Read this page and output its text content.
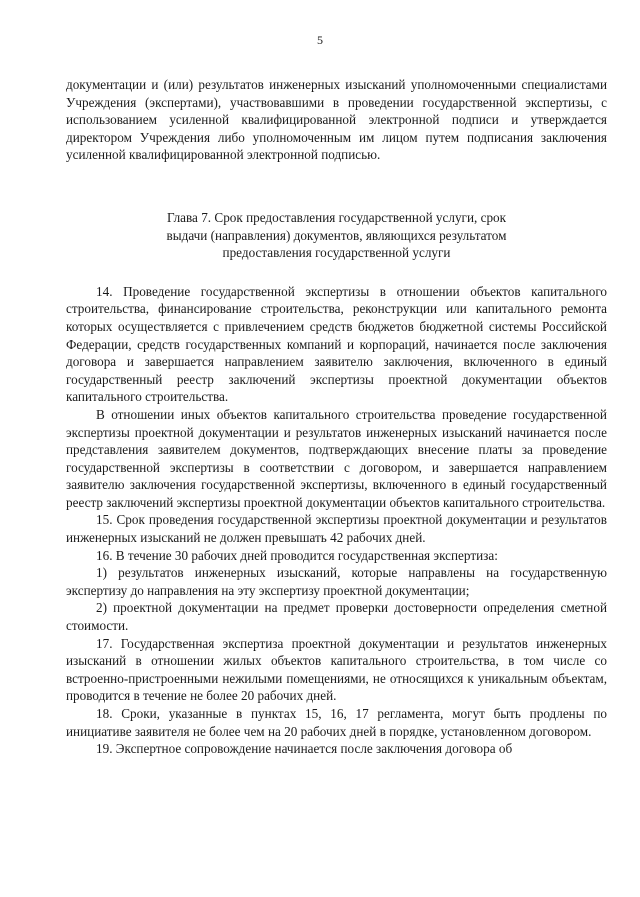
5

документации и (или) результатов инженерных изысканий уполномоченными специалистами Учреждения (экспертами), участвовавшими в проведении государственной экспертизы, с использованием усиленной квалифицированной электронной подписи и утверждается директором Учреждения либо уполномоченным им лицом путем подписания заключения усиленной квалифицированной электронной подписью.

Глава 7. Срок предоставления государственной услуги, срок
выдачи (направления) документов, являющихся результатом
предоставления государственной услуги

14. Проведение государственной экспертизы в отношении объектов капитального строительства, финансирование строительства, реконструкции или капитального ремонта которых осуществляется с привлечением средств бюджетов бюджетной системы Российской Федерации, средств государственных компаний и корпораций, начинается после заключения договора и завершается направлением заявителю заключения, включенного в единый государственный реестр заключений экспертизы проектной документации объектов капитального строительства.

В отношении иных объектов капитального строительства проведение государственной экспертизы проектной документации и результатов инженерных изысканий начинается после представления заявителем документов, подтверждающих внесение платы за проведение государственной экспертизы в соответствии с договором, и завершается направлением заявителю заключения государственной экспертизы, включенного в единый государственный реестр заключений экспертизы проектной документации объектов капитального строительства.

15. Срок проведения государственной экспертизы проектной документации и результатов инженерных изысканий не должен превышать 42 рабочих дней.

16. В течение 30 рабочих дней проводится государственная экспертиза:

1) результатов инженерных изысканий, которые направлены на государственную экспертизу до направления на эту экспертизу проектной документации;

2) проектной документации на предмет проверки достоверности определения сметной стоимости.

17. Государственная экспертиза проектной документации и результатов инженерных изысканий в отношении жилых объектов капитального строительства, в том числе со встроенно-пристроенными нежилыми помещениями, не относящихся к уникальным объектам, проводится в течение не более 20 рабочих дней.

18. Сроки, указанные в пунктах 15, 16, 17 регламента, могут быть продлены по инициативе заявителя не более чем на 20 рабочих дней в порядке, установленном договором.

19. Экспертное сопровождение начинается после заключения договора об
